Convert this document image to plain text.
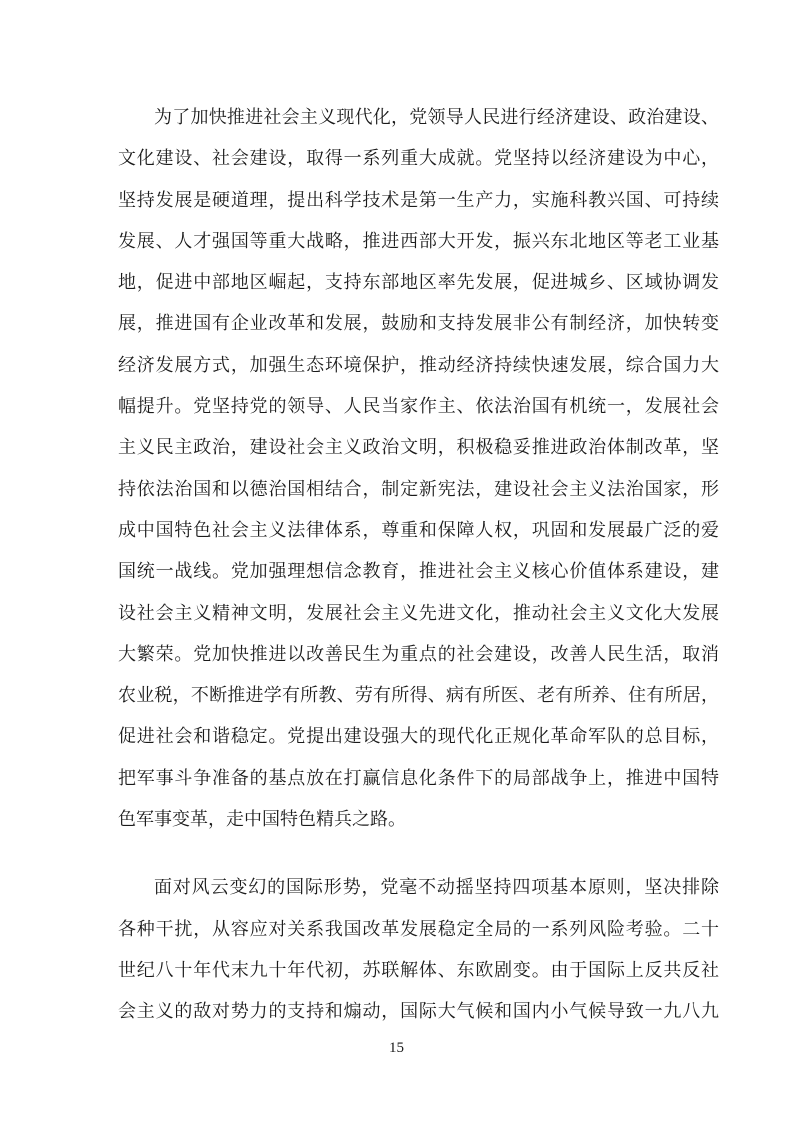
为了加快推进社会主义现代化，党领导人民进行经济建设、政治建设、
文化建设、社会建设，取得一系列重大成就。党坚持以经济建设为中心，
坚持发展是硬道理，提出科学技术是第一生产力，实施科教兴国、可持续
发展、人才强国等重大战略，推进西部大开发，振兴东北地区等老工业基
地，促进中部地区崛起，支持东部地区率先发展，促进城乡、区域协调发
展，推进国有企业改革和发展，鼓励和支持发展非公有制经济，加快转变
经济发展方式，加强生态环境保护，推动经济持续快速发展，综合国力大
幅提升。党坚持党的领导、人民当家作主、依法治国有机统一，发展社会
主义民主政治，建设社会主义政治文明，积极稳妥推进政治体制改革，坚
持依法治国和以德治国相结合，制定新宪法，建设社会主义法治国家，形
成中国特色社会主义法律体系，尊重和保障人权，巩固和发展最广泛的爱
国统一战线。党加强理想信念教育，推进社会主义核心价值体系建设，建
设社会主义精神文明，发展社会主义先进文化，推动社会主义文化大发展
大繁荣。党加快推进以改善民生为重点的社会建设，改善人民生活，取消
农业税，不断推进学有所教、劳有所得、病有所医、老有所养、住有所居，
促进社会和谐稳定。党提出建设强大的现代化正规化革命军队的总目标，
把军事斗争准备的基点放在打赢信息化条件下的局部战争上，推进中国特
色军事变革，走中国特色精兵之路。
面对风云变幻的国际形势，党毫不动摇坚持四项基本原则，坚决排除
各种干扰，从容应对关系我国改革发展稳定全局的一系列风险考验。二十
世纪八十年代末九十年代初，苏联解体、东欧剧变。由于国际上反共反社
会主义的敌对势力的支持和煽动，国际大气候和国内小气候导致一九八九
15
